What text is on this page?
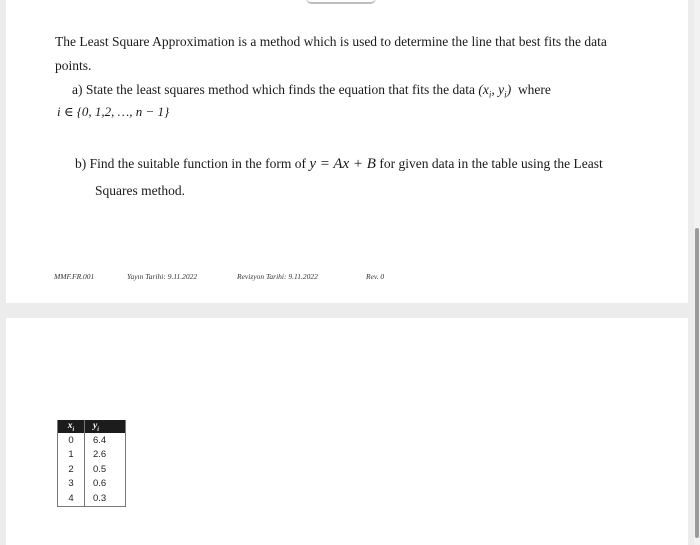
The Least Square Approximation is a method which is used to determine the line that best fits the data
points.
a) State the least squares method which finds the equation that fits the data ($x_i$, $y_i$) where
i ∈ {0, 1,2, …, n − 1}
b) Find the suitable function in the form of y = Ax + B for given data in the table using the Least
Squares method.
MMF.FR.001	Yayın Tarihi: 9.11.2022	Revizyon Tarihi: 9.11.2022	Rev. 0
$x_i$	$y_i$
0	6.4
1	2.6
2	0.5
3	0.6
4	0.3
